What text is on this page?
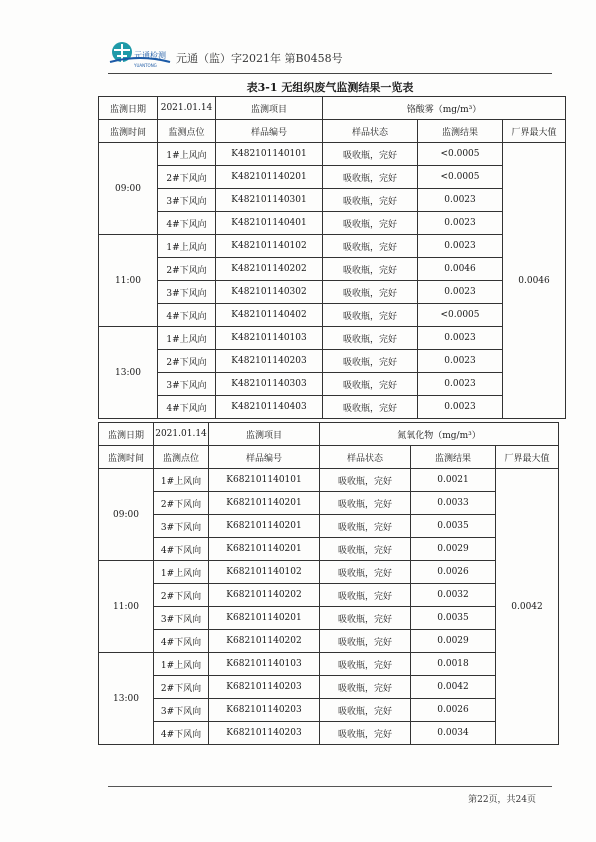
元通检测
YUANTONG
元通（监）字2021年 第B0458号
表3-1 无组织废气监测结果一览表
监测日期	2021.01.14	监测项目	铬酸雾（mg/m³）		
监测时间	监测点位	样品编号	样品状态	监测结果	厂界最大值
09:00	1#上风向	K482101140101	吸收瓶，完好	<0.0005	0.0046
	2#下风向	K482101140201	吸收瓶，完好	<0.0005	
	3#下风向	K482101140301	吸收瓶，完好	0.0023	
	4#下风向	K482101140401	吸收瓶，完好	0.0023	
11:00	1#上风向	K482101140102	吸收瓶，完好	0.0023	
	2#下风向	K482101140202	吸收瓶，完好	0.0046	
	3#下风向	K482101140302	吸收瓶，完好	0.0023	
	4#下风向	K482101140402	吸收瓶，完好	<0.0005	
13:00	1#上风向	K482101140103	吸收瓶，完好	0.0023	
	2#下风向	K482101140203	吸收瓶，完好	0.0023	
	3#下风向	K482101140303	吸收瓶，完好	0.0023	
	4#下风向	K482101140403	吸收瓶，完好	0.0023	
监测日期	2021.01.14	监测项目	氮氧化物（mg/m³）		
监测时间	监测点位	样品编号	样品状态	监测结果	厂界最大值
09:00	1#上风向	K682101140101	吸收瓶，完好	0.0021	0.0042
	2#下风向	K682101140201	吸收瓶，完好	0.0033	
	3#下风向	K682101140201	吸收瓶，完好	0.0035	
	4#下风向	K682101140201	吸收瓶，完好	0.0029	
11:00	1#上风向	K682101140102	吸收瓶，完好	0.0026	
	2#下风向	K682101140202	吸收瓶，完好	0.0032	
	3#下风向	K682101140201	吸收瓶，完好	0.0035	
	4#下风向	K682101140202	吸收瓶，完好	0.0029	
13:00	1#上风向	K682101140103	吸收瓶，完好	0.0018	
	2#下风向	K682101140203	吸收瓶，完好	0.0042	
	3#下风向	K682101140203	吸收瓶，完好	0.0026	
	4#下风向	K682101140203	吸收瓶，完好	0.0034	
第22页，共24页
